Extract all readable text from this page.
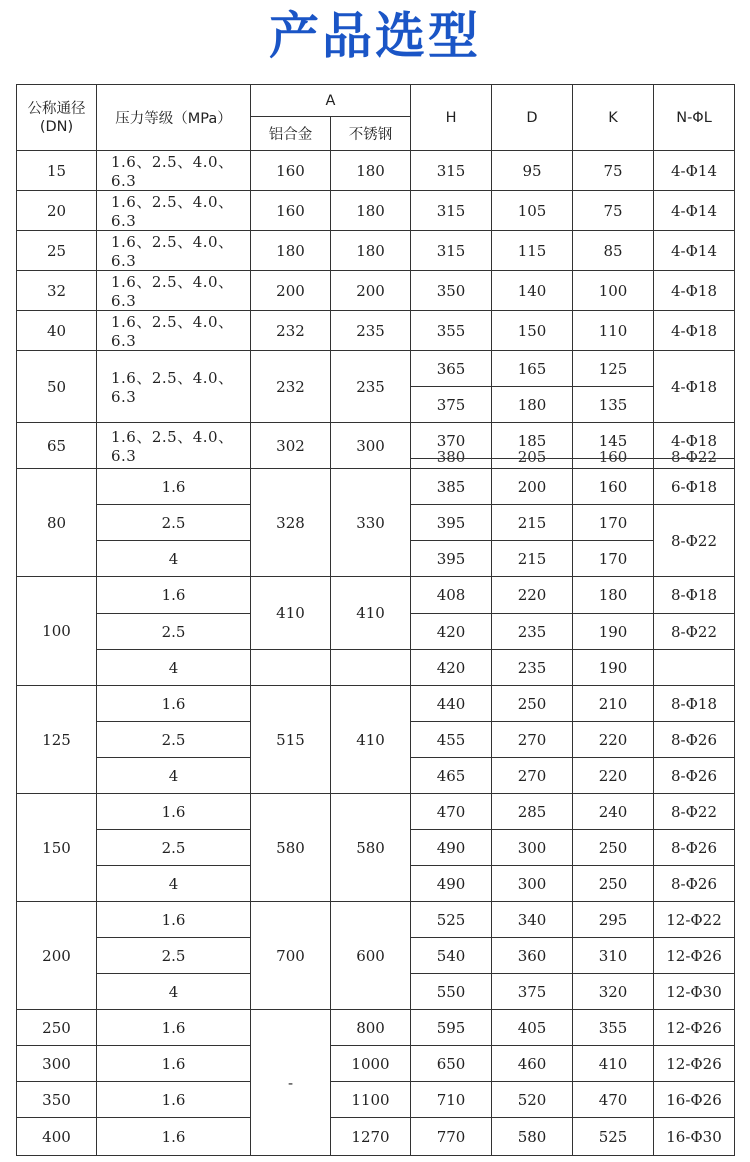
产品选型
公称通径
(DN)	压力等级（MPa）	A		H	D	K	N-ΦL
		铝合金	不锈钢				
15	1.6、2.5、4.0、6.3	160	180	315	95	75	4-Φ14
20	1.6、2.5、4.0、6.3	160	180	315	105	75	4-Φ14
25	1.6、2.5、4.0、6.3	180	180	315	115	85	4-Φ14
32	1.6、2.5、4.0、6.3	200	200	350	140	100	4-Φ18
40	1.6、2.5、4.0、6.3	232	235	355	150	110	4-Φ18
50	1.6、2.5、4.0、6.3	232	235	365	165	125	4-Φ18
				375	180	135	
65	1.6、2.5、4.0、6.3	302	300	370	185	145	4-Φ18
				380	205	160	8-Φ22
80	1.6	328	330	385	200	160	6-Φ18
	2.5			395	215	170	8-Φ22
	4			395	215	170	
100	1.6	410	410	408	220	180	8-Φ18
	2.5			420	235	190	8-Φ22
	4			420	235	190	
125	1.6	515	410	440	250	210	8-Φ18
	2.5			455	270	220	8-Φ26
	4			465	270	220	8-Φ26
150	1.6	580	580	470	285	240	8-Φ22
	2.5			490	300	250	8-Φ26
	4			490	300	250	8-Φ26
200	1.6	700	600	525	340	295	12-Φ22
	2.5			540	360	310	12-Φ26
	4			550	375	320	12-Φ30
250	1.6	-	800	595	405	355	12-Φ26
300	1.6		1000	650	460	410	12-Φ26
350	1.6		1100	710	520	470	16-Φ26
400	1.6		1270	770	580	525	16-Φ30
